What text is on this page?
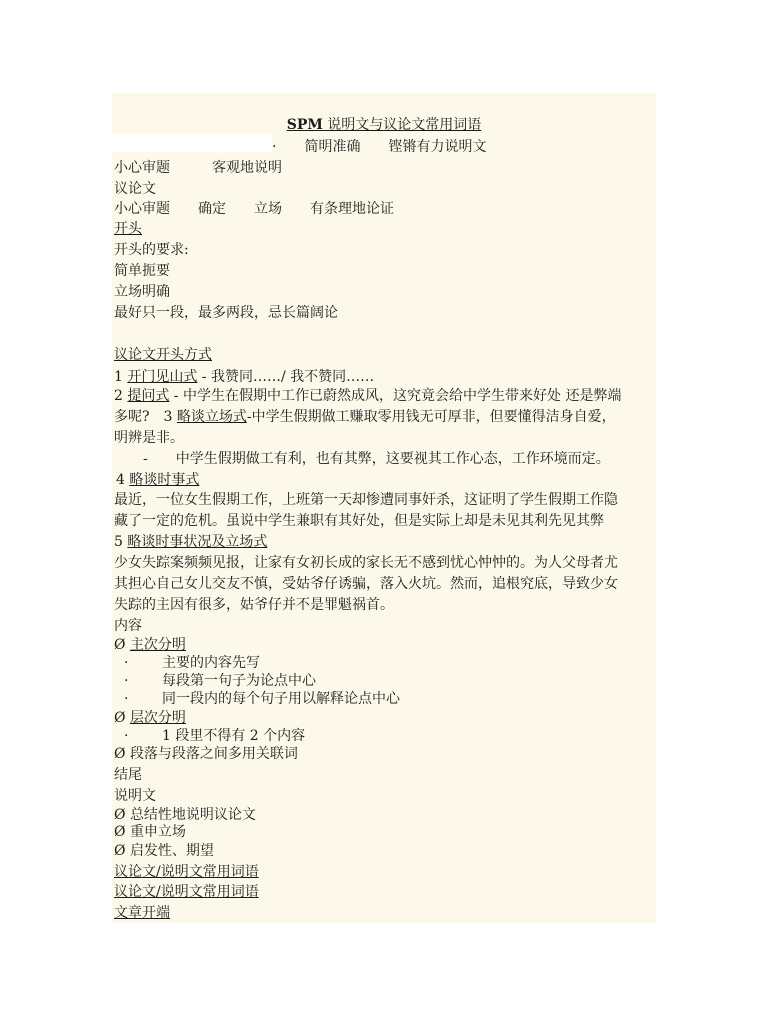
SPM 说明文与议论文常用词语
·　　简明准确　　铿锵有力说明文
小心审题　　　客观地说明
议论文
小心审题　　确定　　立场　　有条理地论证
开头
开头的要求:
简单扼要
立场明确
最好只一段，最多两段，忌长篇阔论
议论文开头方式
1 开门见山式 - 我赞同……/ 我不赞同……
2 提问式 - 中学生在假期中工作已蔚然成风，这究竟会给中学生带来好处 还是弊端
多呢?　3 略谈立场式-中学生假期做工赚取零用钱无可厚非，但要懂得洁身自爱，
明辨是非。
-　　中学生假期做工有利，也有其弊，这要视其工作心态，工作环境而定。
4 略谈时事式
最近，一位女生假期工作，上班第一天却惨遭同事奸杀，这证明了学生假期工作隐
藏了一定的危机。虽说中学生兼职有其好处，但是实际上却是未见其利先见其弊
5 略谈时事状况及立场式
少女失踪案频频见报，让家有女初长成的家长无不感到忧心忡忡的。为人父母者尤
其担心自己女儿交友不慎，受姑爷仔诱骗，落入火坑。然而，追根究底，导致少女
失踪的主因有很多，姑爷仔并不是罪魁祸首。
内容
Ø 主次分明
· 主要的内容先写
· 每段第一句子为论点中心
· 同一段内的每个句子用以解释论点中心
Ø 层次分明
· 1 段里不得有 2 个内容
Ø 段落与段落之间多用关联词
结尾
说明文
Ø 总结性地说明议论文
Ø 重申立场
Ø 启发性、期望
议论文/说明文常用词语
议论文/说明文常用词语
文章开端
